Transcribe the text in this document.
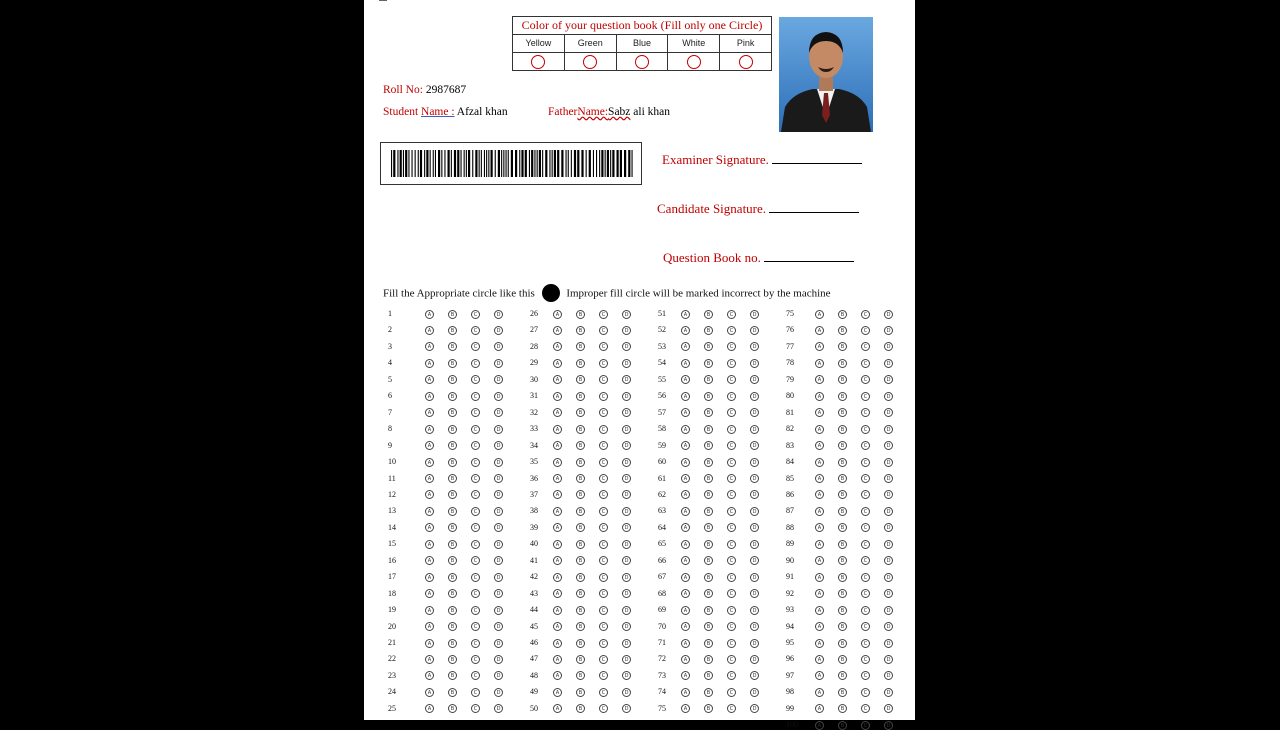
Color of your question book (Fill only one Circle)
Yellow	Green	Blue	White	Pink
Roll No: 2987687
Student Name : Afzal khan	FatherName:Sabz ali khan
Examiner Signature.
Candidate Signature.
Question Book no.
Fill the Appropriate circle like this	Improper fill circle will be marked incorrect by the machine
1	A	B	C	D
2	A	B	C	D
3	A	B	C	D
4	A	B	C	D
5	A	B	C	D
6	A	B	C	D
7	A	B	C	D
8	A	B	C	D
9	A	B	C	D
10	A	B	C	D
11	A	B	C	D
12	A	B	C	D
13	A	B	C	D
14	A	B	C	D
15	A	B	C	D
16	A	B	C	D
17	A	B	C	D
18	A	B	C	D
19	A	B	C	D
20	A	B	C	D
21	A	B	C	D
22	A	B	C	D
23	A	B	C	D
24	A	B	C	D
25	A	B	C	D
26	A	B	C	D
27	A	B	C	D
28	A	B	C	D
29	A	B	C	D
30	A	B	C	D
31	A	B	C	D
32	A	B	C	D
33	A	B	C	D
34	A	B	C	D
35	A	B	C	D
36	A	B	C	D
37	A	B	C	D
38	A	B	C	D
39	A	B	C	D
40	A	B	C	D
41	A	B	C	D
42	A	B	C	D
43	A	B	C	D
44	A	B	C	D
45	A	B	C	D
46	A	B	C	D
47	A	B	C	D
48	A	B	C	D
49	A	B	C	D
50	A	B	C	D
51	A	B	C	D
52	A	B	C	D
53	A	B	C	D
54	A	B	C	D
55	A	B	C	D
56	A	B	C	D
57	A	B	C	D
58	A	B	C	D
59	A	B	C	D
60	A	B	C	D
61	A	B	C	D
62	A	B	C	D
63	A	B	C	D
64	A	B	C	D
65	A	B	C	D
66	A	B	C	D
67	A	B	C	D
68	A	B	C	D
69	A	B	C	D
70	A	B	C	D
71	A	B	C	D
72	A	B	C	D
73	A	B	C	D
74	A	B	C	D
75	A	B	C	D
75	A	B	C	D
76	A	B	C	D
77	A	B	C	D
78	A	B	C	D
79	A	B	C	D
80	A	B	C	D
81	A	B	C	D
82	A	B	C	D
83	A	B	C	D
84	A	B	C	D
85	A	B	C	D
86	A	B	C	D
87	A	B	C	D
88	A	B	C	D
89	A	B	C	D
90	A	B	C	D
91	A	B	C	D
92	A	B	C	D
93	A	B	C	D
94	A	B	C	D
95	A	B	C	D
96	A	B	C	D
97	A	B	C	D
98	A	B	C	D
99	A	B	C	D
100	A	B	C	D
